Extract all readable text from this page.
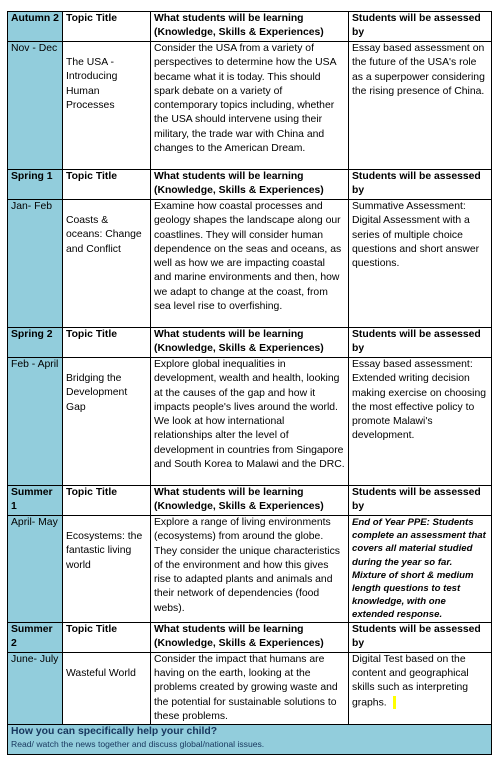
Autumn 2	Topic Title	What students will be learning (Knowledge, Skills & Experiences)	Students will be assessed by
Nov - Dec	The USA - Introducing Human Processes	Consider the USA from a variety of perspectives to determine how the USA became what it is today. This should spark debate on a variety of contemporary topics including, whether the USA should intervene using their military, the trade war with China and changes to the American Dream.	Essay based assessment on the future of the USA's role as a superpower considering the rising presence of China.
Spring 1	Topic Title	What students will be learning (Knowledge, Skills & Experiences)	Students will be assessed by
Jan- Feb	Coasts & oceans: Change and Conflict	Examine how coastal processes and geology shapes the landscape along our coastlines. They will consider human dependence on the seas and oceans, as well as how we are impacting coastal and marine environments and then, how we adapt to change at the coast, from sea level rise to overfishing.	Summative Assessment: Digital Assessment with a series of multiple choice questions and short answer questions.
Spring 2	Topic Title	What students will be learning (Knowledge, Skills & Experiences)	Students will be assessed by
Feb - April	Bridging the Development Gap	Explore global inequalities in development, wealth and health, looking at the causes of the gap and how it impacts people's lives around the world. We look at how international relationships alter the level of development in countries from Singapore and South Korea to Malawi and the DRC.	Essay based assessment: Extended writing decision making exercise on choosing the most effective policy to promote Malawi's development.
Summer 1	Topic Title	What students will be learning (Knowledge, Skills & Experiences)	Students will be assessed by
April- May	Ecosystems: the fantastic living world	Explore a range of living environments (ecosystems) from around the globe. They consider the unique characteristics of the environment and how this gives rise to adapted plants and animals and their network of dependencies (food webs).	End of Year PPE: Students complete an assessment that covers all material studied during the year so far. Mixture of short & medium length questions to test knowledge, with one extended response.
Summer 2	Topic Title	What students will be learning (Knowledge, Skills & Experiences)	Students will be assessed by
June- July	Wasteful World	Consider the impact that humans are having on the earth, looking at the problems created by growing waste and the potential for sustainable solutions to these problems.	Digital Test based on the content and geographical skills such as interpreting graphs.

How you can specifically help your child?
Read/ watch the news together and discuss global/national issues.			
